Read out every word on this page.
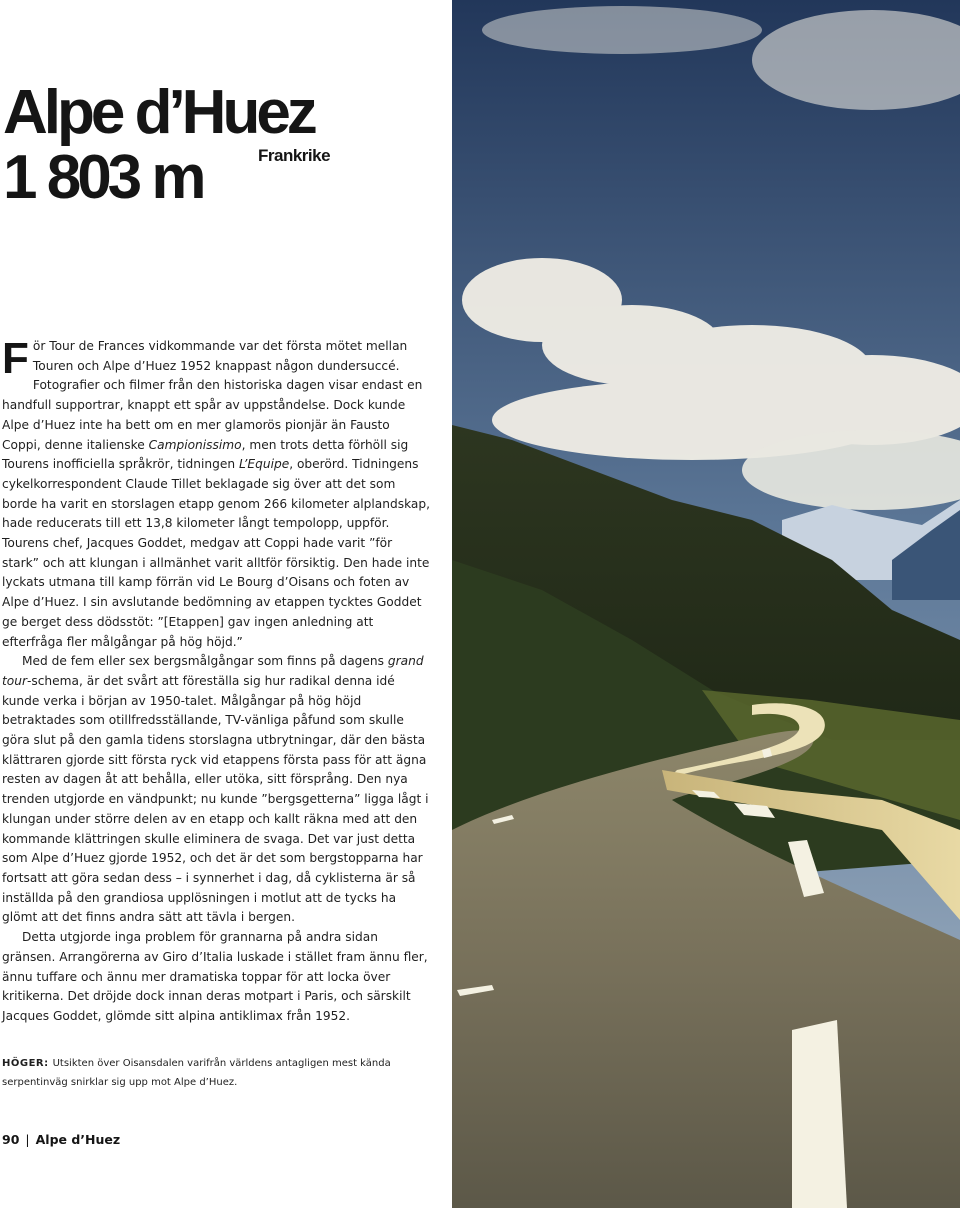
Alpe d’Huez
1 803 m	Frankrike

För Tour de Frances vidkommande var det första mötet mellan Touren och Alpe d’Huez 1952 knappast någon dundersuccé. Fotografier och filmer från den historiska dagen visar endast en handfull supportrar, knappt ett spår av uppståndelse. Dock kunde Alpe d’Huez inte ha bett om en mer glamorös pionjär än Fausto Coppi, denne italienske Campionissimo, men trots detta förhöll sig Tourens inofficiella språkrör, tidningen L’Equipe, oberörd. Tidningens cykelkorrespondent Claude Tillet beklagade sig över att det som borde ha varit en storslagen etapp genom 266 kilometer alplandskap, hade reducerats till ett 13,8 kilometer långt tempolopp, uppför. Tourens chef, Jacques Goddet, medgav att Coppi hade varit ”för stark” och att klungan i allmänhet varit alltför försiktig. Den hade inte lyckats utmana till kamp förrän vid Le Bourg d’Oisans och foten av Alpe d’Huez. I sin avslutande bedömning av etappen tycktes Goddet ge berget dess dödsstöt: ”[Etappen] gav ingen anledning att efterfråga fler målgångar på hög höjd.”

Med de fem eller sex bergsmålgångar som finns på dagens grand tour-schema, är det svårt att föreställa sig hur radikal denna idé kunde verka i början av 1950-talet. Målgångar på hög höjd betraktades som otillfredsställande, TV-vänliga påfund som skulle göra slut på den gamla tidens storslagna utbrytningar, där den bästa klättraren gjorde sitt första ryck vid etappens första pass för att ägna resten av dagen åt att behålla, eller utöka, sitt försprång. Den nya trenden utgjorde en vändpunkt; nu kunde ”bergsgetterna” ligga lågt i klungan under större delen av en etapp och kallt räkna med att den kommande klättringen skulle eliminera de svaga. Det var just detta som Alpe d’Huez gjorde 1952, och det är det som bergstopparna har fortsatt att göra sedan dess – i synnerhet i dag, då cyklisterna är så inställda på den grandiosa upplösningen i motlut att de tycks ha glömt att det finns andra sätt att tävla i bergen.

Detta utgjorde inga problem för grannarna på andra sidan gränsen. Arrangörerna av Giro d’Italia luskade i stället fram ännu fler, ännu tuffare och ännu mer dramatiska toppar för att locka över kritikerna. Det dröjde dock innan deras motpart i Paris, och särskilt Jacques Goddet, glömde sitt alpina antiklimax från 1952.

HÖGER: Utsikten över Oisansdalen varifrån världens antagligen mest kända serpentinväg snirklar sig upp mot Alpe d’Huez.
90 | Alpe d’Huez
